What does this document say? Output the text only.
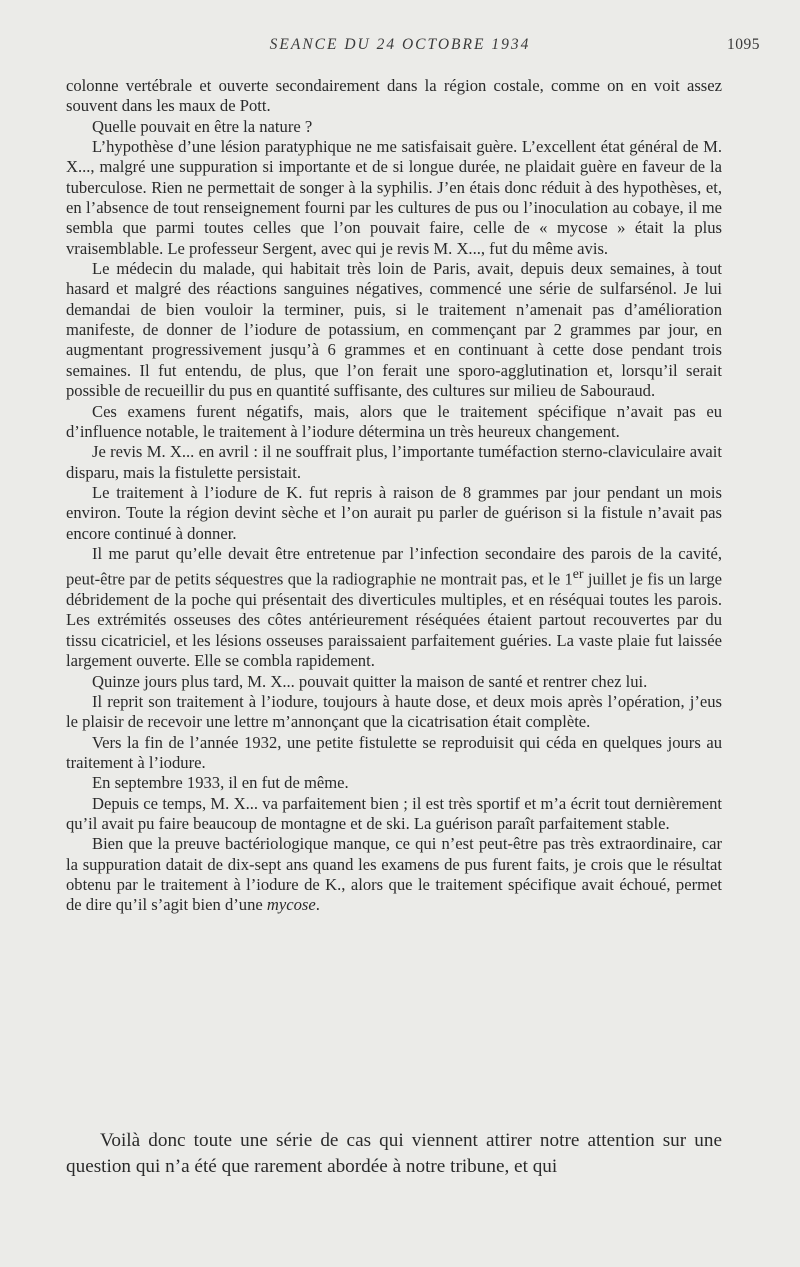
SEANCE DU 24 OCTOBRE 1934	1095

colonne vertébrale et ouverte secondairement dans la région costale, comme on en voit assez souvent dans les maux de Pott.

Quelle pouvait en être la nature ?

L’hypothèse d’une lésion paratyphique ne me satisfaisait guère. L’excellent état général de M. X..., malgré une suppuration si importante et de si longue durée, ne plaidait guère en faveur de la tuberculose. Rien ne permettait de songer à la syphilis. J’en étais donc réduit à des hypothèses, et, en l’absence de tout renseignement fourni par les cultures de pus ou l’inoculation au cobaye, il me sembla que parmi toutes celles que l’on pouvait faire, celle de « mycose » était la plus vraisemblable. Le professeur Sergent, avec qui je revis M. X..., fut du même avis.

Le médecin du malade, qui habitait très loin de Paris, avait, depuis deux semaines, à tout hasard et malgré des réactions sanguines négatives, commencé une série de sulfarsénol. Je lui demandai de bien vouloir la terminer, puis, si le traitement n’amenait pas d’amélioration manifeste, de donner de l’iodure de potassium, en commençant par 2 grammes par jour, en augmentant progressivement jusqu’à 6 grammes et en continuant à cette dose pendant trois semaines. Il fut entendu, de plus, que l’on ferait une sporo-agglutination et, lorsqu’il serait possible de recueillir du pus en quantité suffisante, des cultures sur milieu de Sabouraud.

Ces examens furent négatifs, mais, alors que le traitement spécifique n’avait pas eu d’influence notable, le traitement à l’iodure détermina un très heureux changement.

Je revis M. X... en avril : il ne souffrait plus, l’importante tuméfaction sterno-claviculaire avait disparu, mais la fistulette persistait.

Le traitement à l’iodure de K. fut repris à raison de 8 grammes par jour pendant un mois environ. Toute la région devint sèche et l’on aurait pu parler de guérison si la fistule n’avait pas encore continué à donner.

Il me parut qu’elle devait être entretenue par l’infection secondaire des parois de la cavité, peut-être par de petits séquestres que la radiographie ne montrait pas, et le 1er juillet je fis un large débridement de la poche qui présentait des diverticules multiples, et en réséquai toutes les parois. Les extrémités osseuses des côtes antérieurement réséquées étaient partout recouvertes par du tissu cicatriciel, et les lésions osseuses paraissaient parfaitement guéries. La vaste plaie fut laissée largement ouverte. Elle se combla rapidement.

Quinze jours plus tard, M. X... pouvait quitter la maison de santé et rentrer chez lui.

Il reprit son traitement à l’iodure, toujours à haute dose, et deux mois après l’opération, j’eus le plaisir de recevoir une lettre m’annonçant que la cicatrisation était complète.

Vers la fin de l’année 1932, une petite fistulette se reproduisit qui céda en quelques jours au traitement à l’iodure.

En septembre 1933, il en fut de même.

Depuis ce temps, M. X... va parfaitement bien ; il est très sportif et m’a écrit tout dernièrement qu’il avait pu faire beaucoup de montagne et de ski. La guérison paraît parfaitement stable.

Bien que la preuve bactériologique manque, ce qui n’est peut-être pas très extraordinaire, car la suppuration datait de dix-sept ans quand les examens de pus furent faits, je crois que le résultat obtenu par le traitement à l’iodure de K., alors que le traitement spécifique avait échoué, permet de dire qu’il s’agit bien d’une mycose.

Voilà donc toute une série de cas qui viennent attirer notre attention sur une question qui n’a été que rarement abordée à notre tribune, et qui
